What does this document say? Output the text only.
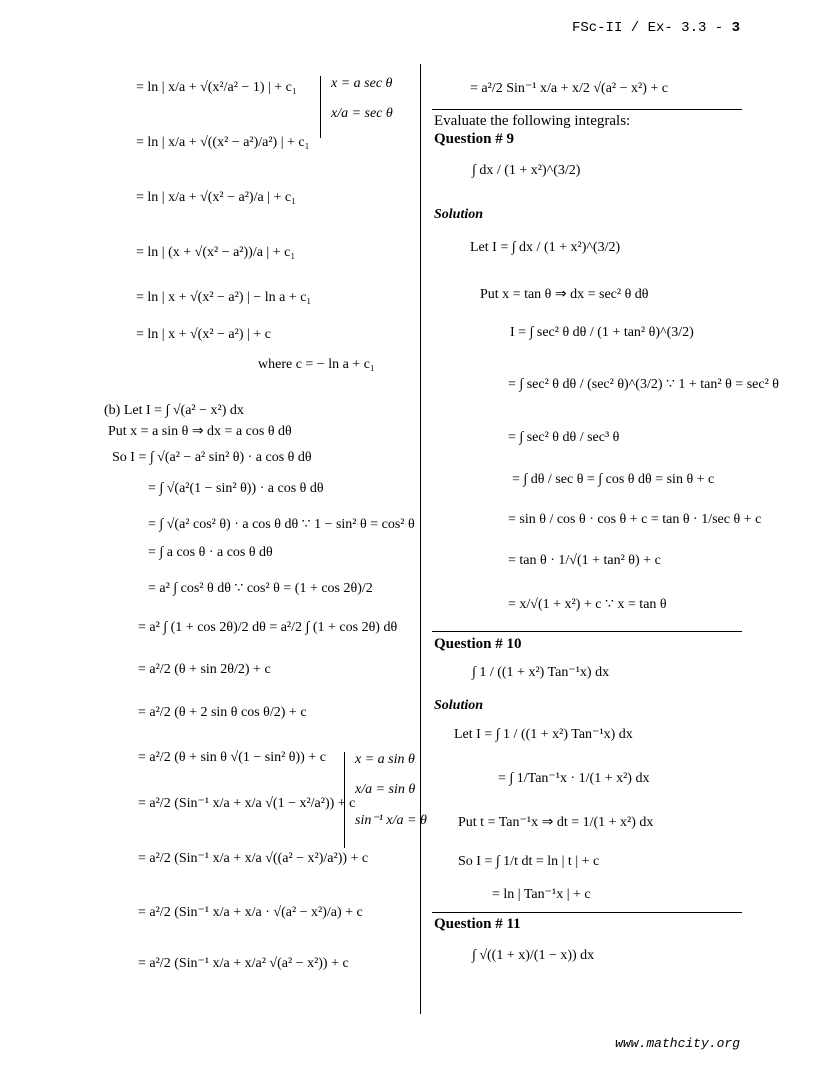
FSc-II / Ex- 3.3 - 3
= ln | x/a + √(x²/a² − 1) | + c₁
= ln | x/a + √((x² − a²)/a²) | + c₁
= ln | x/a + √(x² − a²)/a | + c₁
= ln | (x + √(x² − a²))/a | + c₁
= ln | x + √(x² − a²) | − ln a + c₁
= ln | x + √(x² − a²) | + c
where c = − ln a + c₁
x = a sec θ
x/a = sec θ
(b) Let I = ∫ √(a² − x²) dx
Put x = a sin θ ⇒ dx = a cos θ dθ
So I = ∫ √(a² − a² sin² θ) · a cos θ dθ
= ∫ √(a²(1 − sin² θ)) · a cos θ dθ
= ∫ √(a² cos² θ) · a cos θ dθ ∵ 1 − sin² θ = cos² θ
= ∫ a cos θ · a cos θ dθ
= a² ∫ cos² θ dθ ∵ cos² θ = (1 + cos 2θ)/2
= a² ∫ (1 + cos 2θ)/2 dθ = a²/2 ∫ (1 + cos 2θ) dθ
= a²/2 (θ + sin 2θ/2) + c
= a²/2 (θ + 2 sin θ cos θ/2) + c
= a²/2 (θ + sin θ √(1 − sin² θ)) + c
= a²/2 (Sin⁻¹ x/a + x/a √(1 − x²/a²)) + c
= a²/2 (Sin⁻¹ x/a + x/a √((a² − x²)/a²)) + c
= a²/2 (Sin⁻¹ x/a + x/a · √(a² − x²)/a) + c
= a²/2 (Sin⁻¹ x/a + x/a² √(a² − x²)) + c
x = a sin θ
x/a = sin θ
sin⁻¹ x/a = θ
= a²/2 Sin⁻¹ x/a + x/2 √(a² − x²) + c
Evaluate the following integrals:
Question # 9
∫ dx / (1 + x²)^(3/2)
Solution
Let I = ∫ dx / (1 + x²)^(3/2)
Put x = tan θ ⇒ dx = sec² θ dθ
I = ∫ sec² θ dθ / (1 + tan² θ)^(3/2)
= ∫ sec² θ dθ / (sec² θ)^(3/2) ∵ 1 + tan² θ = sec² θ
= ∫ sec² θ dθ / sec³ θ
= ∫ dθ / sec θ = ∫ cos θ dθ = sin θ + c
= sin θ / cos θ · cos θ + c = tan θ · 1/sec θ + c
= tan θ · 1/√(1 + tan² θ) + c
= x/√(1 + x²) + c ∵ x = tan θ
Question # 10
∫ 1 / ((1 + x²) Tan⁻¹x) dx
Solution
Let I = ∫ 1 / ((1 + x²) Tan⁻¹x) dx
= ∫ 1/Tan⁻¹x · 1/(1 + x²) dx
Put t = Tan⁻¹x ⇒ dt = 1/(1 + x²) dx
So I = ∫ 1/t dt = ln | t | + c
= ln | Tan⁻¹x | + c
Question # 11
∫ √((1 + x)/(1 − x)) dx
www.mathcity.org
